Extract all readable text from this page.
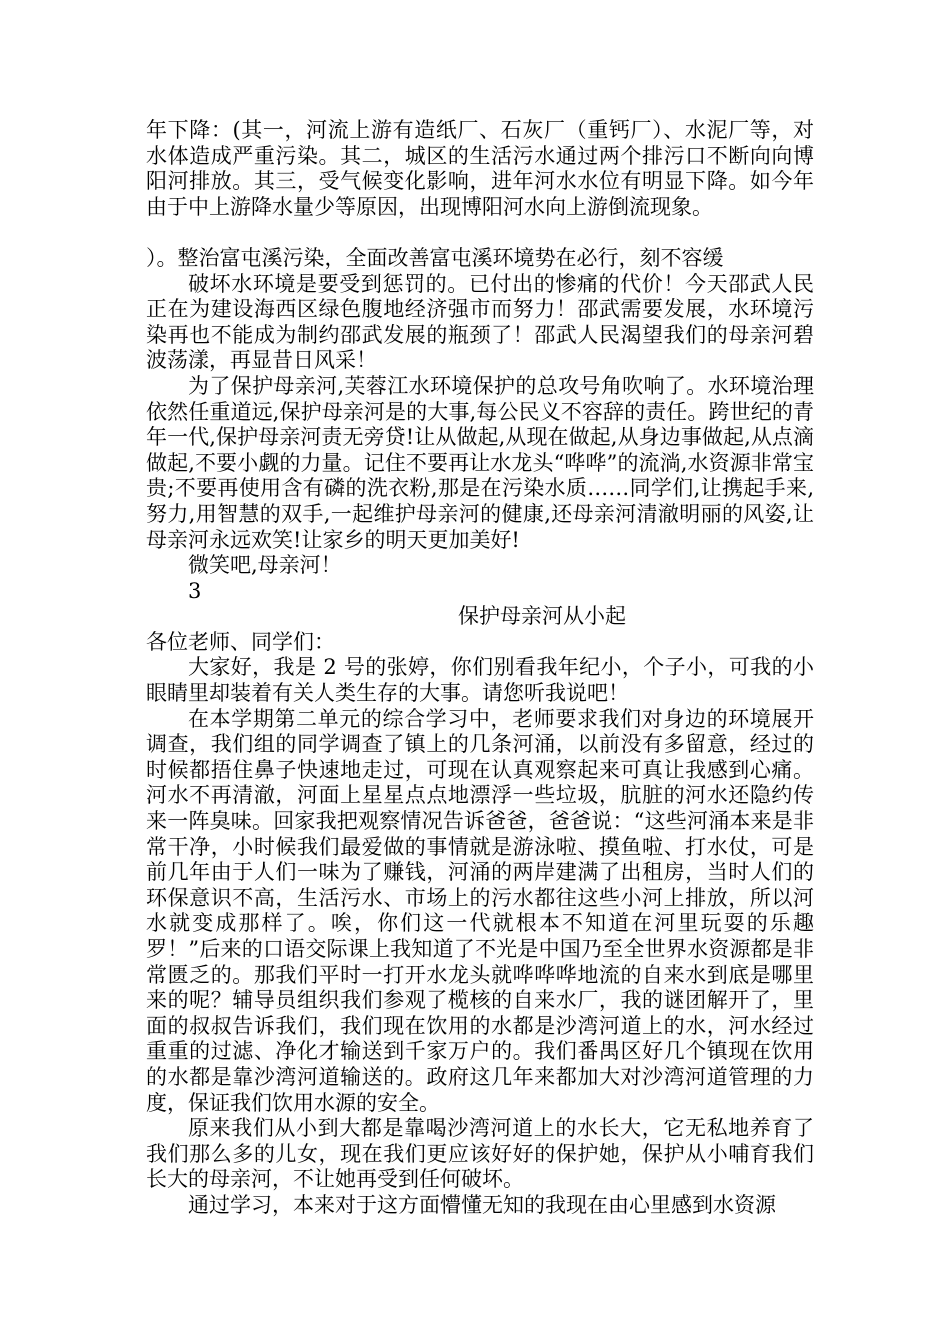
年下降：(其一，河流上游有造纸厂、石灰厂（重钙厂）、水泥厂等，对水体造成严重污染。其二，城区的生活污水通过两个排污口不断向向博阳河排放。其三，受气候变化影响，进年河水水位有明显下降。如今年由于中上游降水量少等原因，出现博阳河水向上游倒流现象。

）。整治富屯溪污染，全面改善富屯溪环境势在必行，刻不容缓

破坏水环境是要受到惩罚的。已付出的惨痛的代价！今天邵武人民正在为建设海西区绿色腹地经济强市而努力！邵武需要发展，水环境污染再也不能成为制约邵武发展的瓶颈了！邵武人民渴望我们的母亲河碧波荡漾，再显昔日风采！

为了保护母亲河,芙蓉江水环境保护的总攻号角吹响了。水环境治理依然任重道远,保护母亲河是的大事,每公民义不容辞的责任。跨世纪的青年一代,保护母亲河责无旁贷!让从做起,从现在做起,从身边事做起,从点滴做起,不要小觑的力量。记住不要再让水龙头“哗哗”的流淌,水资源非常宝贵;不要再使用含有磷的洗衣粉,那是在污染水质……同学们,让携起手来,努力,用智慧的双手,一起维护母亲河的健康,还母亲河清澈明丽的风姿,让母亲河永远欢笑!让家乡的明天更加美好!

微笑吧,母亲河！

3

保护母亲河从小起

各位老师、同学们：

大家好，我是 2 号的张婷，你们别看我年纪小，个子小，可我的小眼睛里却装着有关人类生存的大事。请您听我说吧！

在本学期第二单元的综合学习中，老师要求我们对身边的环境展开调查，我们组的同学调查了镇上的几条河涌，以前没有多留意，经过的时候都捂住鼻子快速地走过，可现在认真观察起来可真让我感到心痛。河水不再清澈，河面上星星点点地漂浮一些垃圾，肮脏的河水还隐约传来一阵臭味。回家我把观察情况告诉爸爸，爸爸说：“这些河涌本来是非常干净，小时候我们最爱做的事情就是游泳啦、摸鱼啦、打水仗，可是前几年由于人们一味为了赚钱，河涌的两岸建满了出租房，当时人们的环保意识不高，生活污水、市场上的污水都往这些小河上排放，所以河水就变成那样了。唉，你们这一代就根本不知道在河里玩耍的乐趣罗！”后来的口语交际课上我知道了不光是中国乃至全世界水资源都是非常匮乏的。那我们平时一打开水龙头就哗哗哗地流的自来水到底是哪里来的呢？辅导员组织我们参观了榄核的自来水厂，我的谜团解开了，里面的叔叔告诉我们，我们现在饮用的水都是沙湾河道上的水，河水经过重重的过滤、净化才输送到千家万户的。我们番禺区好几个镇现在饮用的水都是靠沙湾河道输送的。政府这几年来都加大对沙湾河道管理的力度，保证我们饮用水源的安全。

原来我们从小到大都是靠喝沙湾河道上的水长大，它无私地养育了我们那么多的儿女，现在我们更应该好好的保护她，保护从小哺育我们长大的母亲河，不让她再受到任何破坏。

通过学习，本来对于这方面懵懂无知的我现在由心里感到水资源
